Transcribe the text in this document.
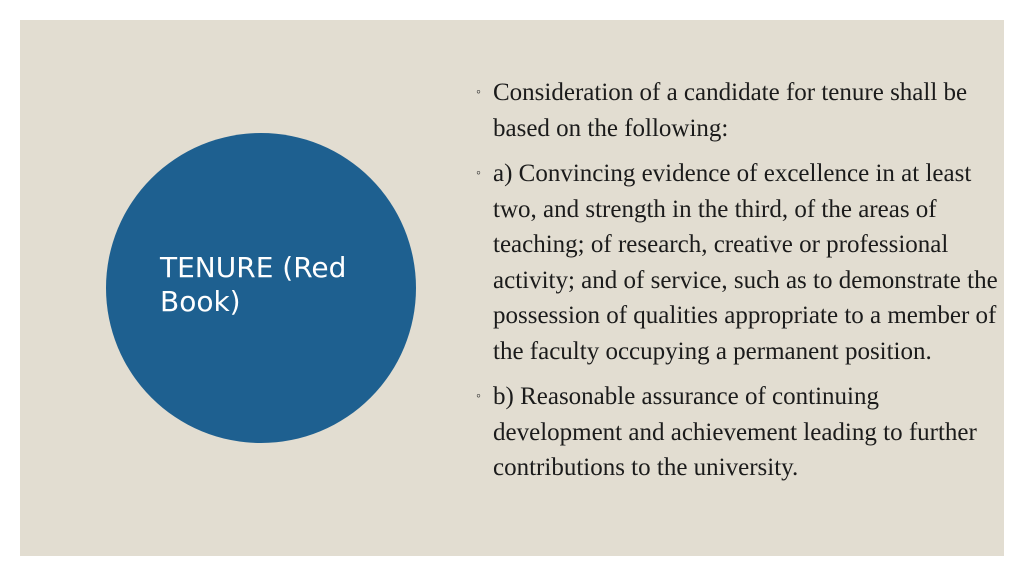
TENURE (Red Book)
◦ Consideration of a candidate for tenure shall be based on the following:
◦ a) Convincing evidence of excellence in at least two, and strength in the third, of the areas of teaching; of research, creative or professional activity; and of service, such as to demonstrate the possession of qualities appropriate to a member of the faculty occupying a permanent position.
◦ b) Reasonable assurance of continuing development and achievement leading to further contributions to the university.
